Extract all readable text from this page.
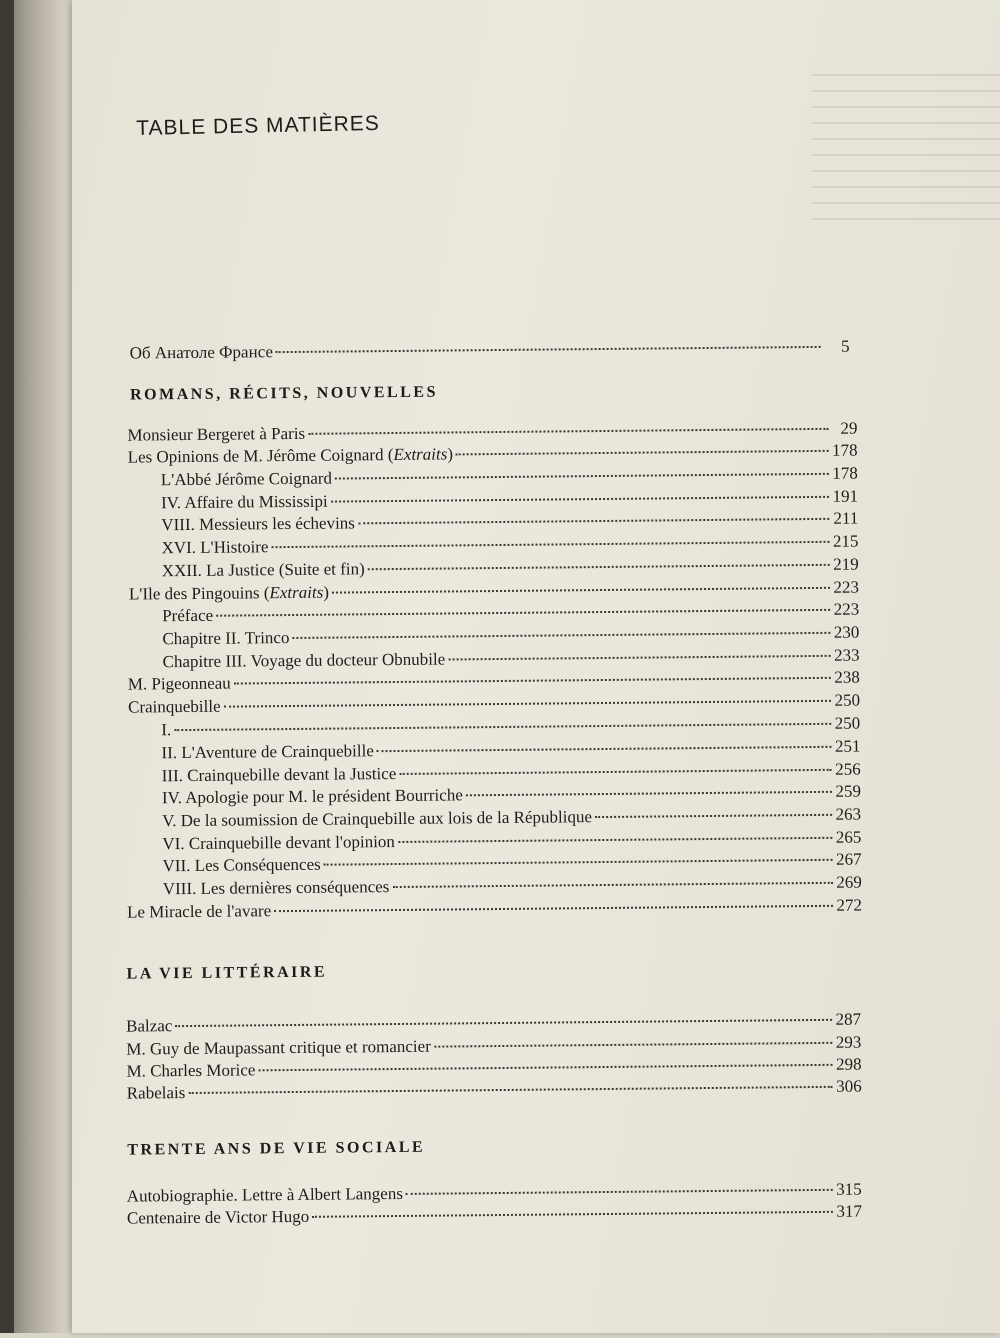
TABLE DES MATIÈRES
Об Анатоле Франсе	5
ROMANS, RÉCITS, NOUVELLES
Monsieur Bergeret à Paris	29
Les Opinions de M. Jérôme Coignard (Extraits)	178
L'Abbé Jérôme Coignard	178
IV. Affaire du Mississipi	191
VIII. Messieurs les échevins	211
XVI. L'Histoire	215
XXII. La Justice (Suite et fin)	219
L'Ile des Pingouins (Extraits)	223
Préface	223
Chapitre II. Trinco	230
Chapitre III. Voyage du docteur Obnubile	233
M. Pigeonneau	238
Crainquebille	250
I.	250
II. L'Aventure de Crainquebille	251
III. Crainquebille devant la Justice	256
IV. Apologie pour M. le président Bourriche	259
V. De la soumission de Crainquebille aux lois de la République	263
VI. Crainquebille devant l'opinion	265
VII. Les Conséquences	267
VIII. Les dernières conséquences	269
Le Miracle de l'avare	272
LA VIE LITTÉRAIRE
Balzac	287
M. Guy de Maupassant critique et romancier	293
M. Charles Morice	298
Rabelais	306
TRENTE ANS DE VIE SOCIALE
Autobiographie. Lettre à Albert Langens	315
Centenaire de Victor Hugo	317
